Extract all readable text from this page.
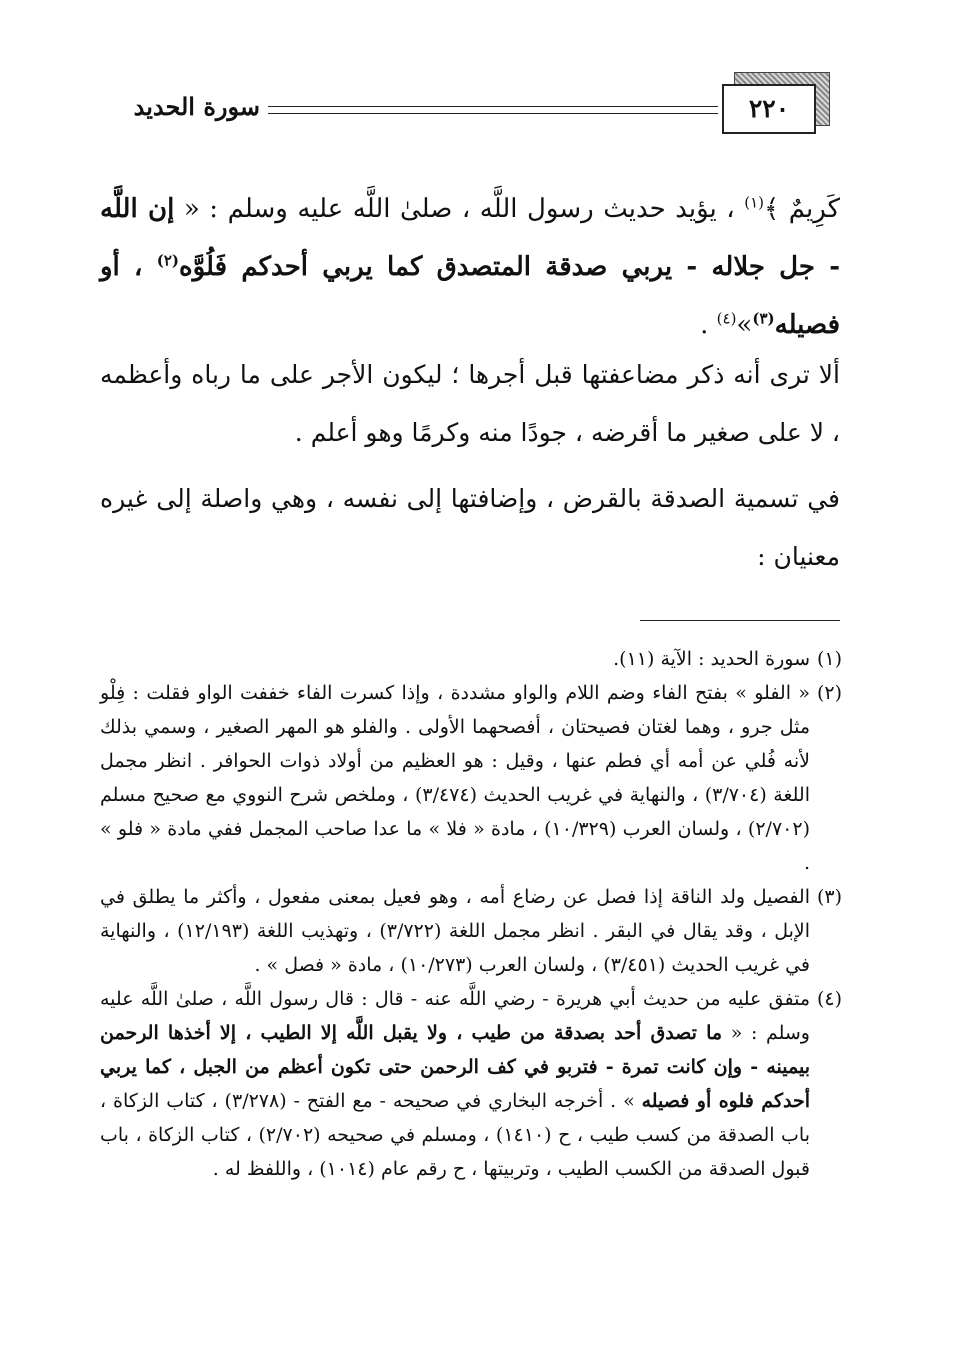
سورة الحديد	٢٢٠
كَرِيمٌ ﴾$^{(١)}$ ، يؤيد حديث رسول اللَّه ، صلىٰ اللَّه عليه وسلم : « إن اللَّه - جل جلاله - يربي صدقة المتصدق كما يربي أحدكم فَلُوَّه$^{(٢)}$ ، أو فصيله$^{(٣)}$»$^{(٤)}$ .
ألا ترى أنه ذكر مضاعفتها قبل أجرها ؛ ليكون الأجر على ما رباه وأعظمه ، لا على صغير ما أقرضه ، جودًا منه وكرمًا وهو أعلم .
في تسمية الصدقة بالقرض ، وإضافتها إلى نفسه ، وهي واصلة إلى غيره معنيان :

(١)
سورة الحديد : الآية (١١).

(٢)
« الفلو » بفتح الفاء وضم اللام والواو مشددة ، وإذا كسرت الفاء خففت الواو فقلت : فِلْو مثل جرو ، وهما لغتان فصيحتان ، أفصحهما الأولى . والفلو هو المهر الصغير ، وسمي بذلك لأنه فُلي عن أمه أي فطم عنها ، وقيل : هو العظيم من أولاد ذوات الحوافر . انظر مجمل اللغة (٣/٧٠٤) ، والنهاية في غريب الحديث (٣/٤٧٤) ، وملخص شرح النووي مع صحيح مسلم (٢/٧٠٢) ، ولسان العرب (١٠/٣٢٩) ، مادة « فلا » ما عدا صاحب المجمل ففي مادة « فلو » .

(٣)
الفصيل ولد الناقة إذا فصل عن رضاع أمه ، وهو فعيل بمعنى مفعول ، وأكثر ما يطلق في الإبل ، وقد يقال في البقر . انظر مجمل اللغة (٣/٧٢٢) ، وتهذيب اللغة (١٢/١٩٣) ، والنهاية في غريب الحديث (٣/٤٥١) ، ولسان العرب (١٠/٢٧٣) ، مادة « فصل » .

(٤)
متفق عليه من حديث أبي هريرة - رضي اللَّه عنه - قال : قال رسول اللَّه ، صلىٰ اللَّه عليه وسلم : « ما تصدق أحد بصدقة من طيب ، ولا يقبل اللَّه إلا الطيب ، إلا أخذها الرحمن بيمينه - وإن كانت تمرة - فتربو في كف الرحمن حتى تكون أعظم من الجبل ، كما يربي أحدكم فلوه أو فصيله » . أخرجه البخاري في صحيحه - مع الفتح - (٣/٢٧٨) ، كتاب الزكاة ، باب الصدقة من كسب طيب ، ح (١٤١٠) ، ومسلم في صحيحه (٢/٧٠٢) ، كتاب الزكاة ، باب قبول الصدقة من الكسب الطيب ، وتربيتها ، ح رقم عام (١٠١٤) ، واللفظ له .
